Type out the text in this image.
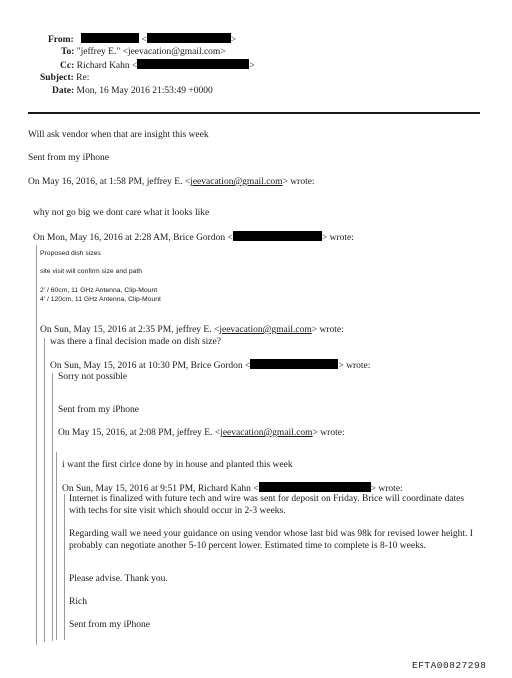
From:	<	>
To: "jeffrey E." <jeevacation@gmail.com>
Cc: Richard Kahn <	>
Subject: Re:
Date: Mon, 16 May 2016 21:53:49 +0000
Will ask vendor when that are insight this week
Sent from my iPhone
On May 16, 2016, at 1:58 PM, jeffrey E. <jeevacation@gmail.com> wrote:
why not go big we dont care what it looks like
On Mon, May 16, 2016 at 2:28 AM, Brice Gordon <	> wrote:
Proposed dish sizes
site visit will confirm size and path
2' / 60cm, 11 GHz Antenna, Clip-Mount
4' / 120cm, 11 GHz Antenna, Clip-Mount
On Sun, May 15, 2016 at 2:35 PM, jeffrey E. <jeevacation@gmail.com> wrote:
was there a final decision made on dish size?
On Sun, May 15, 2016 at 10:30 PM, Brice Gordon <	> wrote:
Sorry not possible
Sent from my iPhone
On May 15, 2016, at 2:08 PM, jeffrey E. <jeevacation@gmail.com> wrote:
i want the first cirlce done by in house and planted this week
On Sun, May 15, 2016 at 9:51 PM, Richard Kahn <	> wrote:
Internet is finalized with future tech and wire was sent for deposit on Friday. Brice will coordinate dates with techs for site visit which should occur in 2-3 weeks.
Regarding wall we need your guidance on using vendor whose last bid was 98k for revised lower height. I probably can negotiate another 5-10 percent lower. Estimated time to complete is 8-10 weeks.
Please advise. Thank you.
Rich
Sent from my iPhone
EFTA00827298
